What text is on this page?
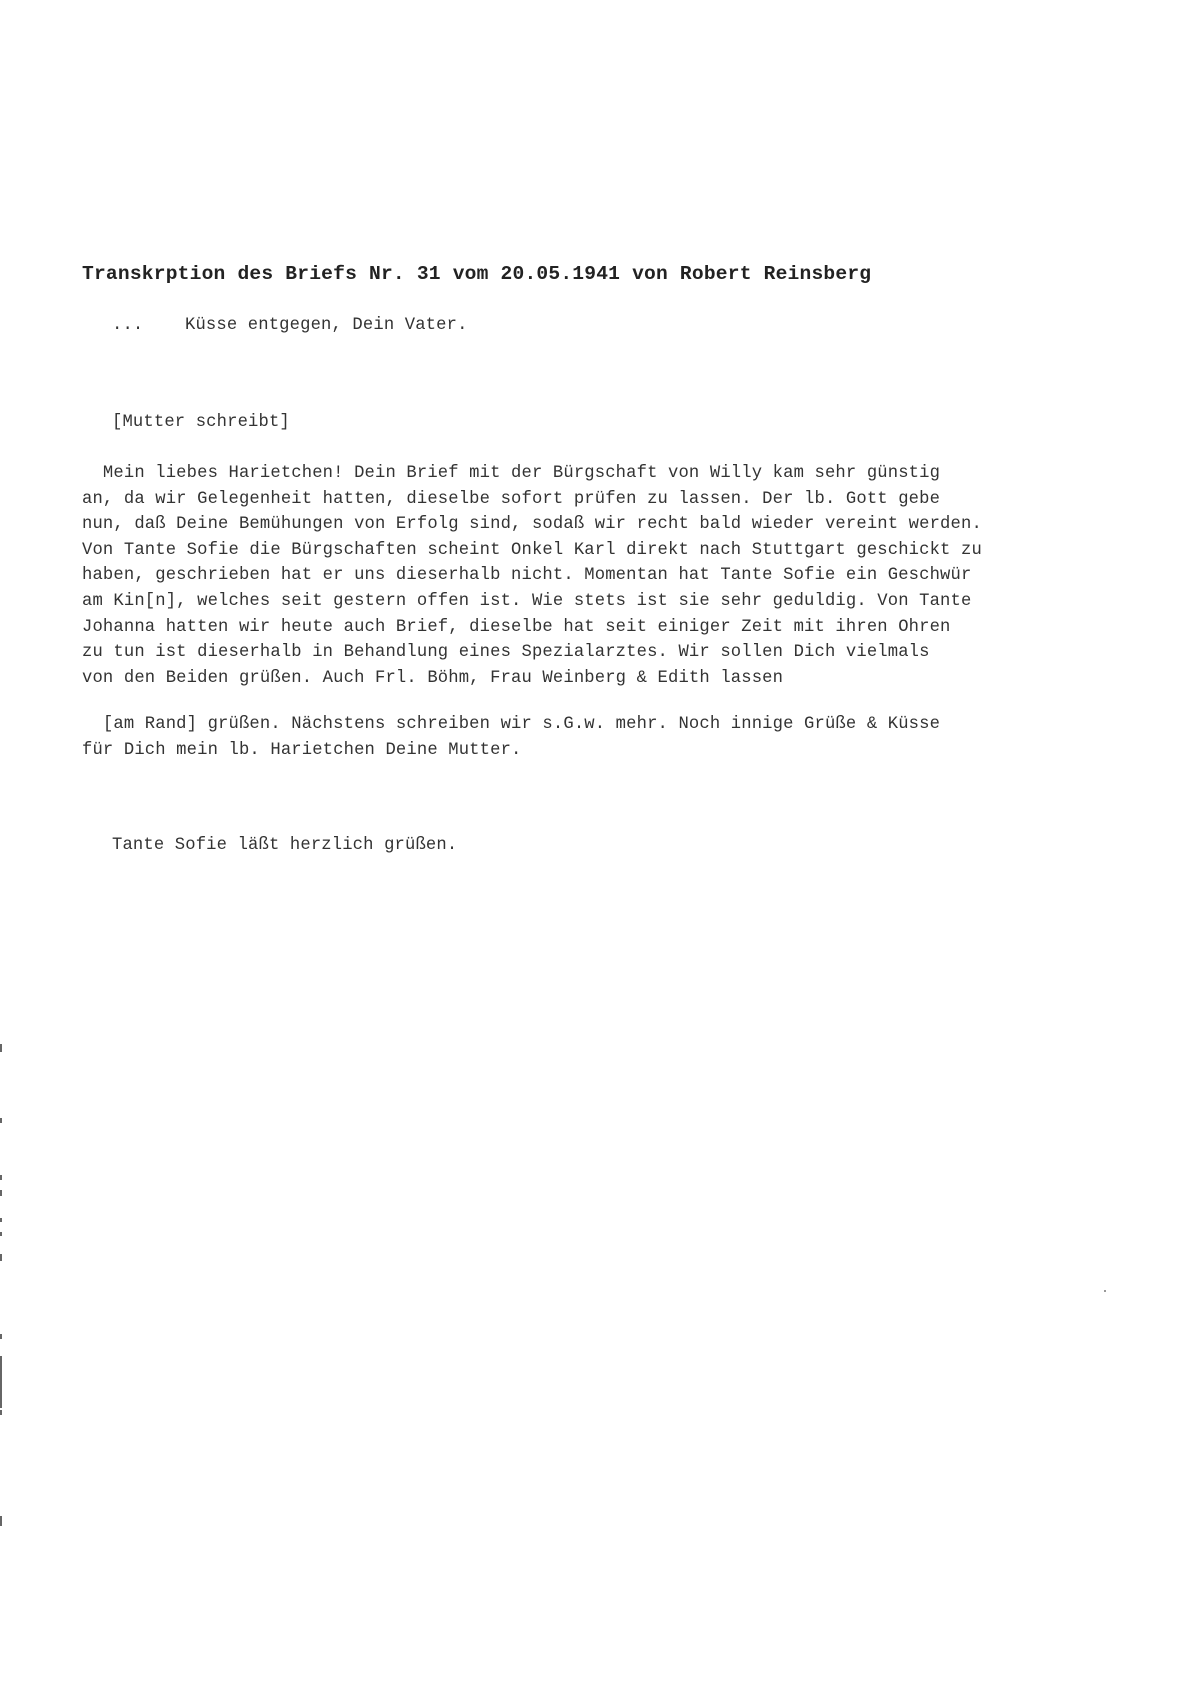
Transkrption des Briefs Nr. 31 vom 20.05.1941 von Robert Reinsberg
... Küsse entgegen, Dein Vater.
[Mutter schreibt]
Mein liebes Harietchen! Dein Brief mit der Bürgschaft von Willy kam sehr günstig
an, da wir Gelegenheit hatten, dieselbe sofort prüfen zu lassen. Der lb. Gott gebe
nun, daß Deine Bemühungen von Erfolg sind, sodaß wir recht bald wieder vereint werden.
Von Tante Sofie die Bürgschaften scheint Onkel Karl direkt nach Stuttgart geschickt zu
haben, geschrieben hat er uns dieserhalb nicht. Momentan hat Tante Sofie ein Geschwür
am Kin[n], welches seit gestern offen ist. Wie stets ist sie sehr geduldig. Von Tante
Johanna hatten wir heute auch Brief, dieselbe hat seit einiger Zeit mit ihren Ohren
zu tun ist dieserhalb in Behandlung eines Spezialarztes. Wir sollen Dich vielmals
von den Beiden grüßen. Auch Frl. Böhm, Frau Weinberg & Edith lassen
[am Rand] grüßen. Nächstens schreiben wir s.G.w. mehr. Noch innige Grüße & Küsse
für Dich mein lb. Harietchen Deine Mutter.
Tante Sofie läßt herzlich grüßen.
